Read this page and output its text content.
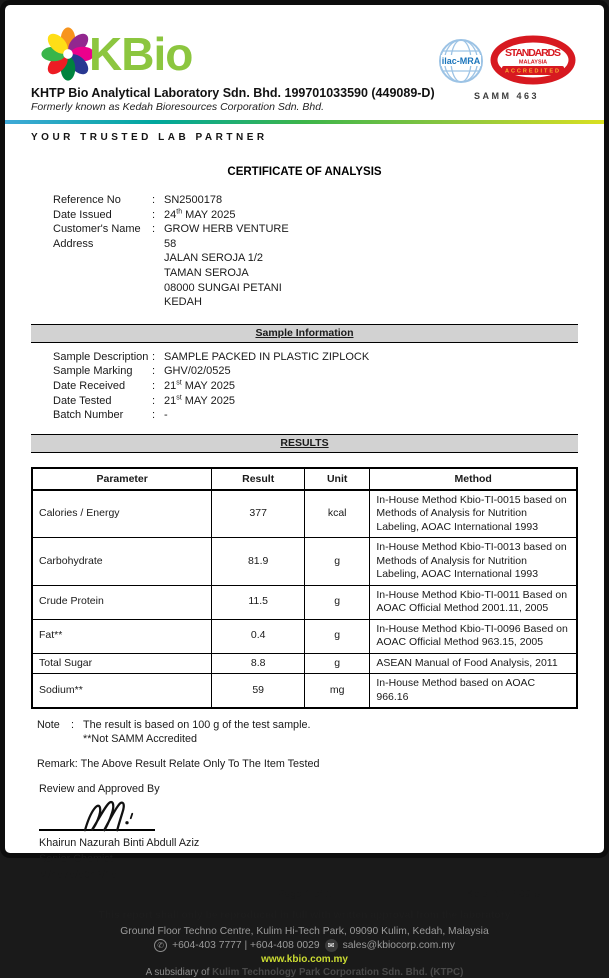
KBio
KHTP Bio Analytical Laboratory Sdn. Bhd. 199701033590 (449089-D)
Formerly known as Kedah Bioresources Corporation Sdn. Bhd.
ilac-MRA
STANDARDS
MALAYSIA
ACCREDITED
SAMM 463
YOUR TRUSTED LAB PARTNER
CERTIFICATE OF ANALYSIS
Reference No	: SN2500178
Date Issued	: 24th MAY 2025
Customer's Name	: GROW HERB VENTURE
Address	58
JALAN SEROJA 1/2
TAMAN SEROJA
08000 SUNGAI PETANI
KEDAH
Sample Information
Sample Description : SAMPLE PACKED IN PLASTIC ZIPLOCK
Sample Marking	: GHV/02/0525
Date Received	: 21st MAY 2025
Date Tested	: 21st MAY 2025
Batch Number	: -
RESULTS
Parameter	Result	Unit	Method
Calories / Energy	377	kcal	In-House Method Kbio-TI-0015 based on Methods of Analysis for Nutrition Labeling, AOAC International 1993
Carbohydrate	81.9	g	In-House Method Kbio-TI-0013 based on Methods of Analysis for Nutrition Labeling, AOAC International 1993
Crude Protein	11.5	g	In-House Method Kbio-TI-0011 Based on AOAC Official Method 2001.11, 2005
Fat**	0.4	g	In-House Method Kbio-TI-0096 Based on AOAC Official Method 963.15, 2005
Total Sugar	8.8	g	ASEAN Manual of Food Analysis, 2011
Sodium**	59	mg	In-House Method based on AOAC 966.16
Note	: The result is based on 100 g of the test sample.
**Not SAMM Accredited
Remark: The Above Result Relate Only To The Item Tested
Review and Approved By
Khairun Nazurah Binti Abdull Aziz
Senior Chemist
M/4878/8042/18
Page 1 of 1	Kbio-R-TE-09-5
This report shall only be reproduced in full with written approval from the laboratory
Ground Floor Techno Centre, Kulim Hi-Tech Park, 09090 Kulim, Kedah, Malaysia
✆ +604-403 7777 | +604-408 0029	✉ sales@kbiocorp.com.my
www.kbio.com.my
A subsidiary of Kulim Technology Park Corporation Sdn. Bhd. (KTPC)
